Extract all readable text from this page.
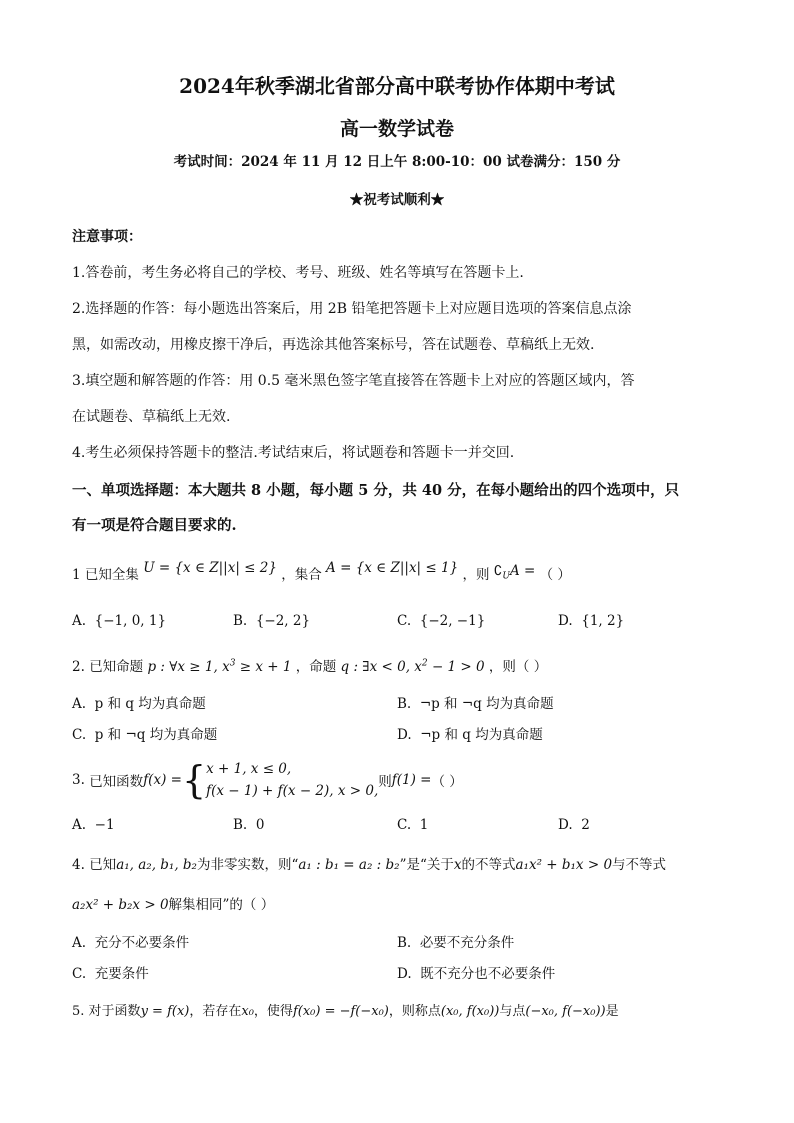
2024年秋季湖北省部分高中联考协作体期中考试
高一数学试卷
考试时间：2024 年 11 月 12 日上午 8:00-10：00 试卷满分：150 分
★祝考试顺利★
注意事项：
1.答卷前，考生务必将自己的学校、考号、班级、姓名等填写在答题卡上.
2.选择题的作答：每小题选出答案后，用 2B 铅笔把答题卡上对应题目选项的答案信息点涂
黑，如需改动，用橡皮擦干净后，再选涂其他答案标号，答在试题卷、草稿纸上无效.
3.填空题和解答题的作答：用 0.5 毫米黑色签字笔直接答在答题卡上对应的答题区域内，答
在试题卷、草稿纸上无效.
4.考生必须保持答题卡的整洁.考试结束后，将试题卷和答题卡一并交回.
一、单项选择题：本大题共 8 小题，每小题 5 分，共 40 分，在每小题给出的四个选项中，只
有一项是符合题目要求的.
1 已知全集 U = {x ∈ Z||x| ≤ 2} ，集合 A = {x ∈ Z||x| ≤ 1} ，则 $∁_UA$ = （ ）
A. {−1, 0, 1}	B. {−2, 2}	C. {−2, −1}	D. {1, 2}
2. 已知命题 p : ∀x ≥ 1, $x^3 \ge x + 1$ ，命题 q : ∃x < 0, $x^2 - 1 > 0$ ，则（ ）
A. p 和 q 均为真命题	B. ¬p 和 ¬q 均为真命题
C. p 和 ¬q 均为真命题	D. ¬p 和 q 均为真命题
3.
已知函数 f(x) = { x + 1, x ≤ 0,
f(x − 1) + f(x − 2), x > 0,
则 f(1) = （ ）
A. −1	B. 0	C. 1	D. 2
4. 已知a₁, a₂, b₁, b₂为非零实数，则“a₁ : b₁ = a₂ : b₂”是“关于x的不等式a₁x² + b₁x > 0与不等式
a₂x² + b₂x > 0解集相同”的（ ）
A. 充分不必要条件	B. 必要不充分条件
C. 充要条件	D. 既不充分也不必要条件
5. 对于函数y = f(x)，若存在x₀，使得f(x₀) = −f(−x₀)，则称点(x₀, f(x₀))与点(−x₀, f(−x₀))是
